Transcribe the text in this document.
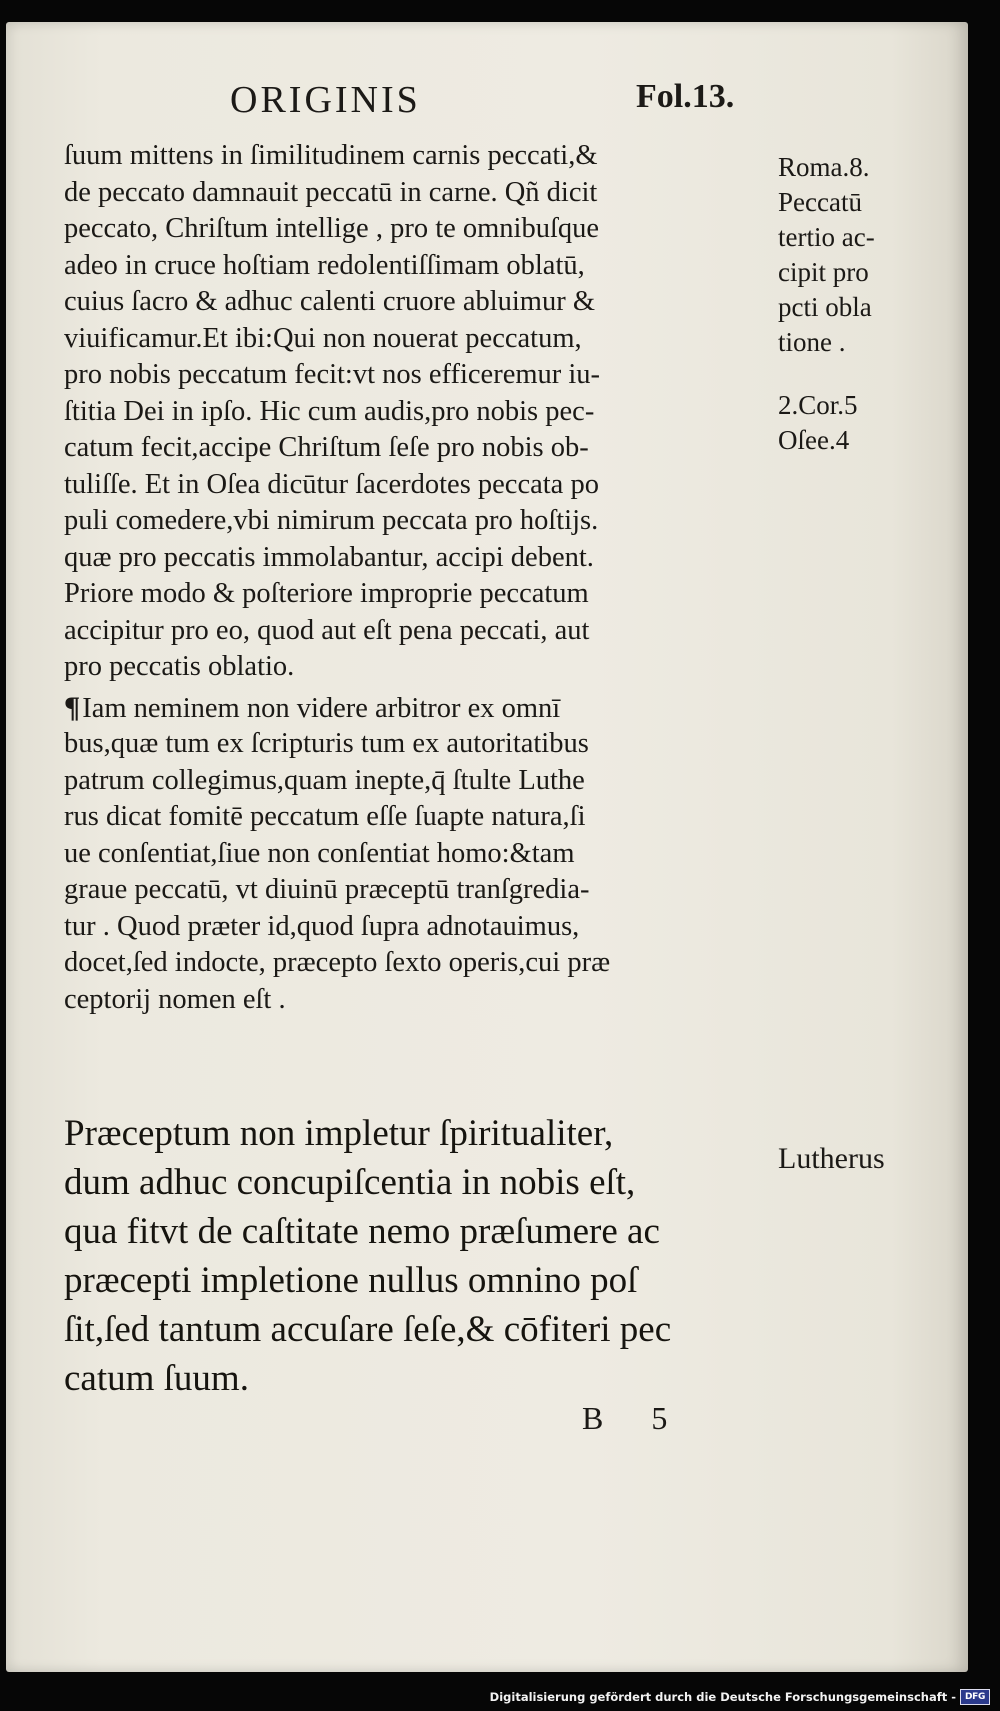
ORIGINIS	Fol.13.
ſuum mittens in ſimilitudinem carnis peccati,&
de peccato damnauit peccatū in carne. Qñ dicit
peccato, Chriſtum intellige , pro te omnibuſque
adeo in cruce hoſtiam redolentiſſimam oblatū,
cuius ſacro & adhuc calenti cruore abluimur &
viuificamur.Et ibi:Qui non nouerat peccatum,
pro nobis peccatum fecit:vt nos efficeremur iu-
ſtitia Dei in ipſo. Hic cum audis,pro nobis pec-
catum fecit,accipe Chriſtum ſeſe pro nobis ob-
tuliſſe. Et in Oſea dicūtur ſacerdotes peccata po
puli comedere,vbi nimirum peccata pro hoſtijs.
quæ pro peccatis immolabantur, accipi debent.
Priore modo & poſteriore improprie peccatum
accipitur pro eo, quod aut eſt pena peccati, aut
pro peccatis oblatio.
¶Iam neminem non videre arbitror ex omnī
bus,quæ tum ex ſcripturis tum ex autoritatibus
patrum collegimus,quam inepte,q̄ ſtulte Luthe
rus dicat fomitē peccatum eſſe ſuapte natura,ſi
ue conſentiat,ſiue non conſentiat homo:&tam
graue peccatū, vt diuinū præceptū tranſgredia-
tur . Quod præter id,quod ſupra adnotauimus,
docet,ſed indocte, præcepto ſexto operis,cui præ
ceptorij nomen eſt .
Præceptum non impletur ſpiritualiter,
dum adhuc concupiſcentia in nobis eſt,
qua fitvt de caſtitate nemo præſumere ac
præcepti impletione nullus omnino poſ
ſit,ſed tantum accuſare ſeſe,& cōfiteri pec
catum ſuum.
Roma.8.
Peccatū
tertio ac-
cipit pro
pcti obla
tione .
2.Cor.5
Oſee.4
Lutherus
B 5
Digitalisierung gefördert durch die Deutsche Forschungsgemeinschaft - DFG
